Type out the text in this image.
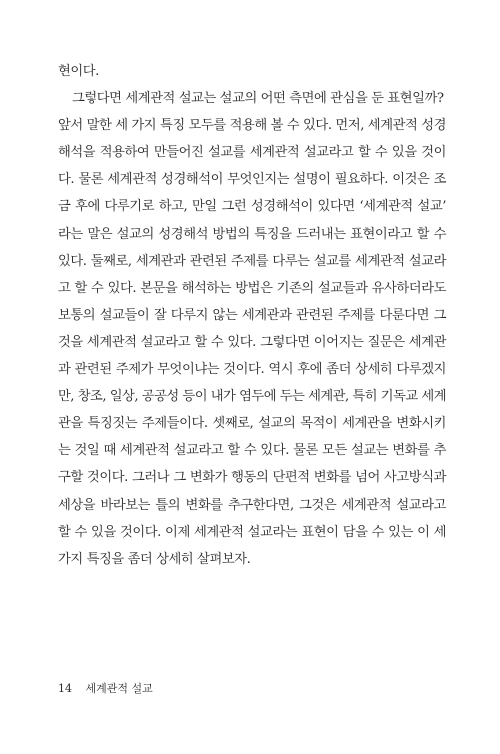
현이다.
그렇다면 세계관적 설교는 설교의 어떤 측면에 관심을 둔 표현일까?
앞서 말한 세 가지 특징 모두를 적용해 볼 수 있다. 먼저, 세계관적 성경
해석을 적용하여 만들어진 설교를 세계관적 설교라고 할 수 있을 것이
다. 물론 세계관적 성경해석이 무엇인지는 설명이 필요하다. 이것은 조
금 후에 다루기로 하고, 만일 그런 성경해석이 있다면 ‘세계관적 설교’
라는 말은 설교의 성경해석 방법의 특징을 드러내는 표현이라고 할 수
있다. 둘째로, 세계관과 관련된 주제를 다루는 설교를 세계관적 설교라
고 할 수 있다. 본문을 해석하는 방법은 기존의 설교들과 유사하더라도
보통의 설교들이 잘 다루지 않는 세계관과 관련된 주제를 다룬다면 그
것을 세계관적 설교라고 할 수 있다. 그렇다면 이어지는 질문은 세계관
과 관련된 주제가 무엇이냐는 것이다. 역시 후에 좀더 상세히 다루겠지
만, 창조, 일상, 공공성 등이 내가 염두에 두는 세계관, 특히 기독교 세계
관을 특징짓는 주제들이다. 셋째로, 설교의 목적이 세계관을 변화시키
는 것일 때 세계관적 설교라고 할 수 있다. 물론 모든 설교는 변화를 추
구할 것이다. 그러나 그 변화가 행동의 단편적 변화를 넘어 사고방식과
세상을 바라보는 틀의 변화를 추구한다면, 그것은 세계관적 설교라고
할 수 있을 것이다. 이제 세계관적 설교라는 표현이 담을 수 있는 이 세
가지 특징을 좀더 상세히 살펴보자.
14 세계관적 설교
